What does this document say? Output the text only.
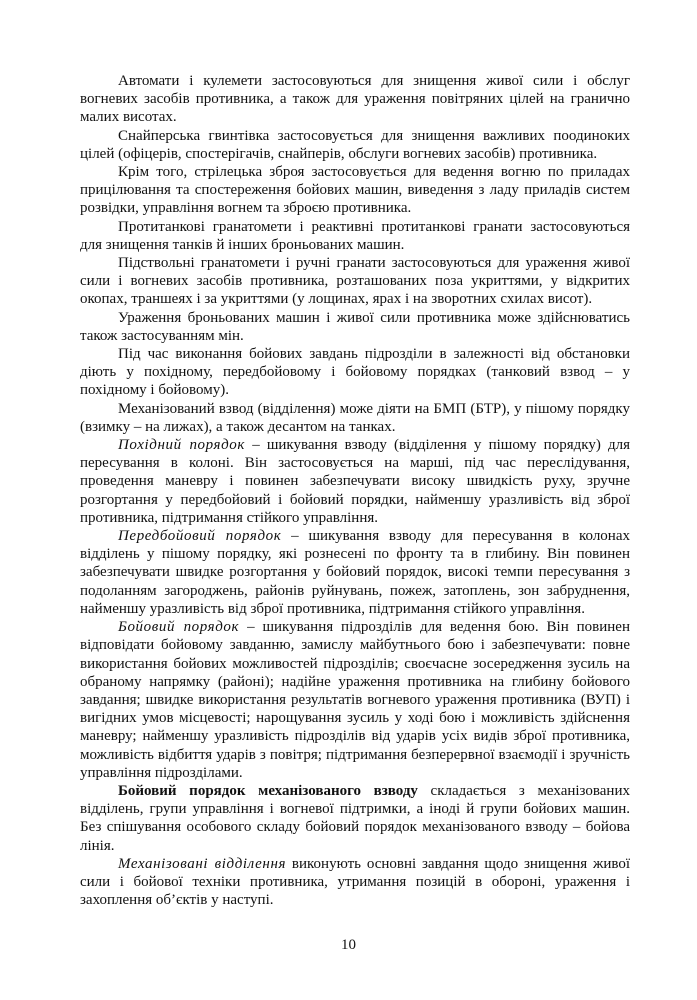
Автомати і кулемети застосовуються для знищення живої сили і обслуг вогневих засобів противника, а також для ураження повітряних цілей на гранично малих висотах.

Снайперська гвинтівка застосовується для знищення важливих поодиноких цілей (офіцерів, спостерігачів, снайперів, обслуги вогневих засобів) противника.

Крім того, стрілецька зброя застосовується для ведення вогню по приладах прицілювання та спостереження бойових машин, виведення з ладу приладів систем розвідки, управління вогнем та зброєю противника.

Протитанкові гранатомети і реактивні протитанкові гранати застосовуються для знищення танків й інших броньованих машин.

Підствольні гранатомети і ручні гранати застосовуються для ураження живої сили і вогневих засобів противника, розташованих поза укриттями, у відкритих окопах, траншеях і за укриттями (у лощинах, ярах і на зворотних схилах висот).

Ураження броньованих машин і живої сили противника може здійснюватись також застосуванням мін.

Під час виконання бойових завдань підрозділи в залежності від обстановки діють у похідному, передбойовому і бойовому порядках (танковий взвод – у похідному і бойовому).

Механізований взвод (відділення) може діяти на БМП (БТР), у пішому порядку (взимку – на лижах), а також десантом на танках.

Похідний порядок – шикування взводу (відділення у пішому порядку) для пересування в колоні. Він застосовується на марші, під час переслідування, проведення маневру і повинен забезпечувати високу швидкість руху, зручне розгортання у передбойовий і бойовий порядки, найменшу уразливість від зброї противника, підтримання стійкого управління.

Передбойовий порядок – шикування взводу для пересування в колонах відділень у пішому порядку, які рознесені по фронту та в глибину. Він повинен забезпечувати швидке розгортання у бойовий порядок, високі темпи пересування з подоланням загороджень, районів руйнувань, пожеж, затоплень, зон забруднення, найменшу уразливість від зброї противника, підтримання стійкого управління.

Бойовий порядок – шикування підрозділів для ведення бою. Він повинен відповідати бойовому завданню, замислу майбутнього бою і забезпечувати: повне використання бойових можливостей підрозділів; своєчасне зосередження зусиль на обраному напрямку (районі); надійне ураження противника на глибину бойового завдання; швидке використання результатів вогневого ураження противника (ВУП) і вигідних умов місцевості; нарощування зусиль у ході бою і можливість здійснення маневру; найменшу уразливість підрозділів від ударів усіх видів зброї противника, можливість відбиття ударів з повітря; підтримання безперервної взаємодії і зручність управління підрозділами.

Бойовий порядок механізованого взводу складається з механізованих відділень, групи управління і вогневої підтримки, а іноді й групи бойових машин. Без спішування особового складу бойовий порядок механізованого взводу – бойова лінія.

Механізовані відділення виконують основні завдання щодо знищення живої сили і бойової техніки противника, утримання позицій в обороні, ураження і захоплення об’єктів у наступі.

10
